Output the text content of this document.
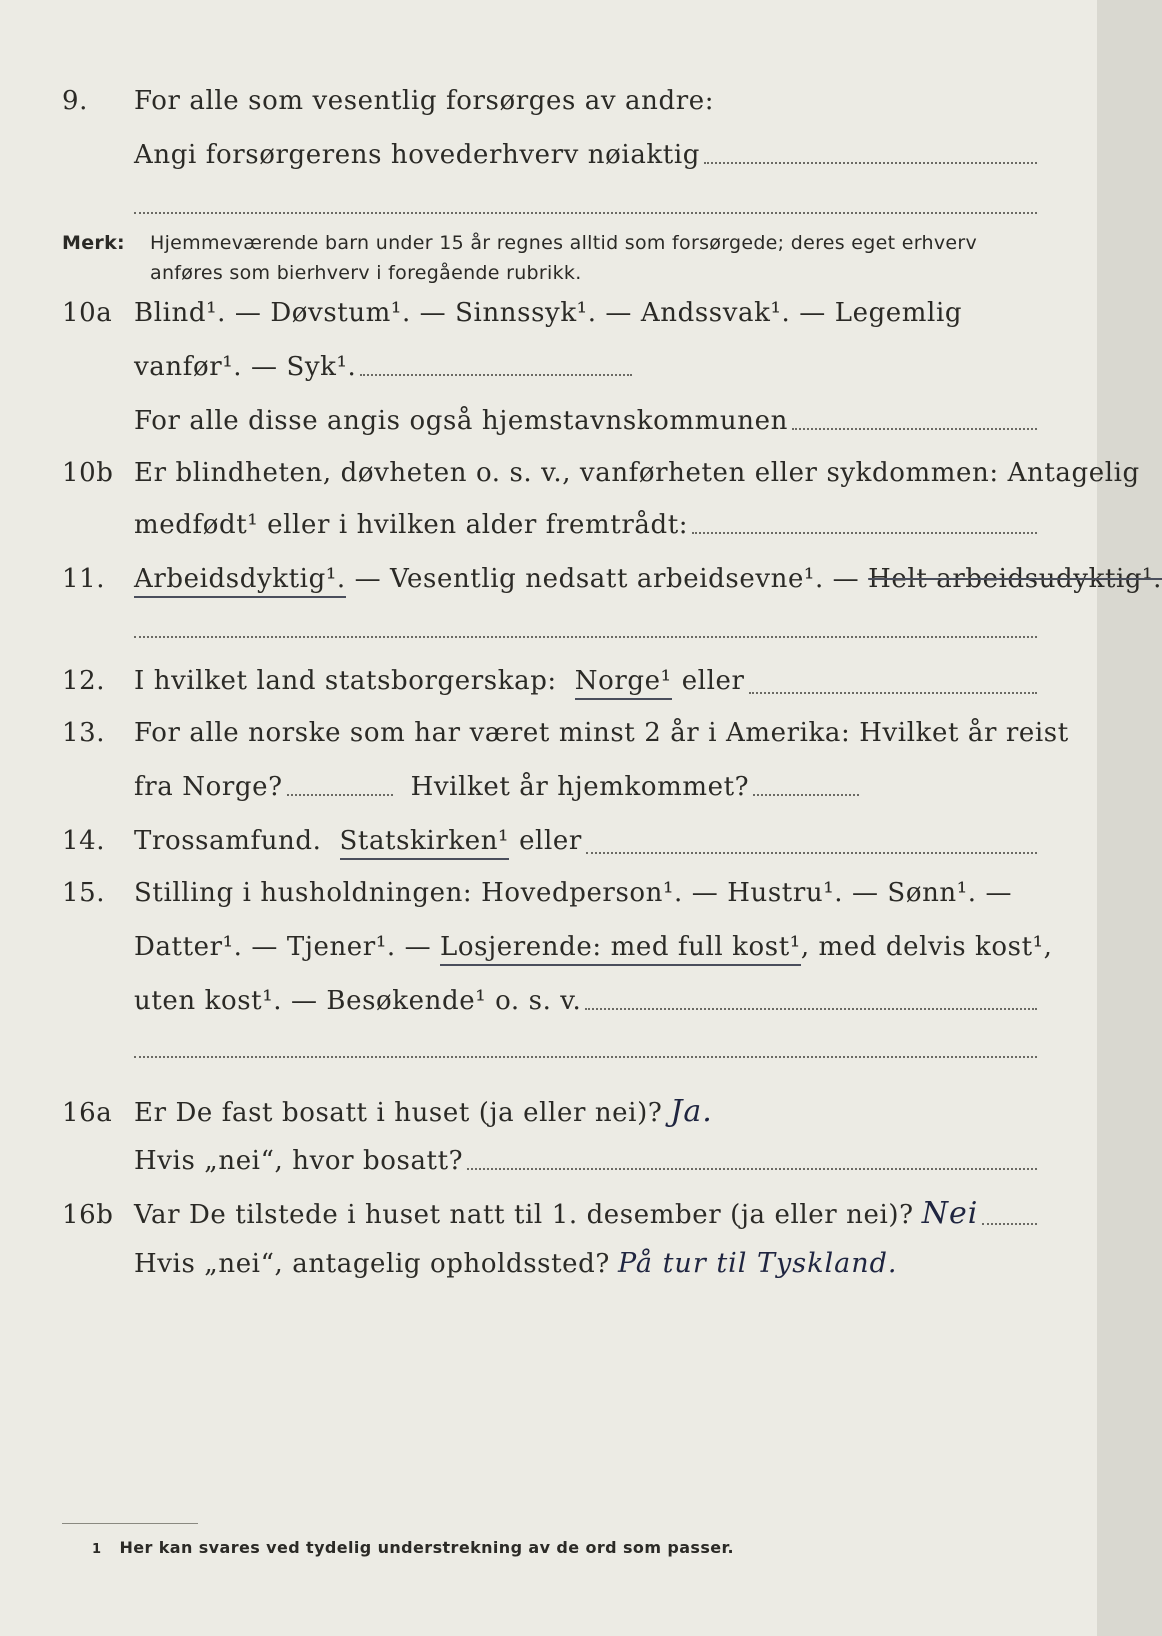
9.	For alle som vesentlig forsørges av andre:
Angi forsørgerens hovederhverv nøiaktig
Merk: Hjemmeværende barn under 15 år regnes alltid som forsørgede; deres eget erhverv
anføres som bierhverv i foregående rubrikk.
10a Blind¹. — Døvstum¹. — Sinnssyk¹. — Andssvak¹. — Legemlig
vanfør¹. — Syk¹.
For alle disse angis også hjemstavnskommunen
10b Er blindheten, døvheten o. s. v., vanførheten eller sykdommen: Antagelig
medfødt¹ eller i hvilken alder fremtrådt:
11.	Arbeidsdyktig¹. — Vesentlig nedsatt arbeidsevne¹. — Helt arbeidsudyktig¹.
12.	I hvilket land statsborgerskap: Norge¹ eller
13.	For alle norske som har været minst 2 år i Amerika: Hvilket år reist
fra Norge?	Hvilket år hjemkommet?
14.	Trossamfund. Statskirken¹ eller
15.	Stilling i husholdningen: Hovedperson¹. — Hustru¹. — Sønn¹. —
Datter¹. — Tjener¹. — Losjerende: med full kost¹ , med delvis kost¹,
uten kost¹. — Besøkende¹ o. s. v.
16a Er De fast bosatt i huset (ja eller nei)? Ja.
Hvis „nei“, hvor bosatt?
16b Var De tilstede i huset natt til 1. desember (ja eller nei)? Nei
Hvis „nei“, antagelig opholdssted? På tur til Tyskland.
1 Her kan svares ved tydelig understrekning av de ord som passer.
